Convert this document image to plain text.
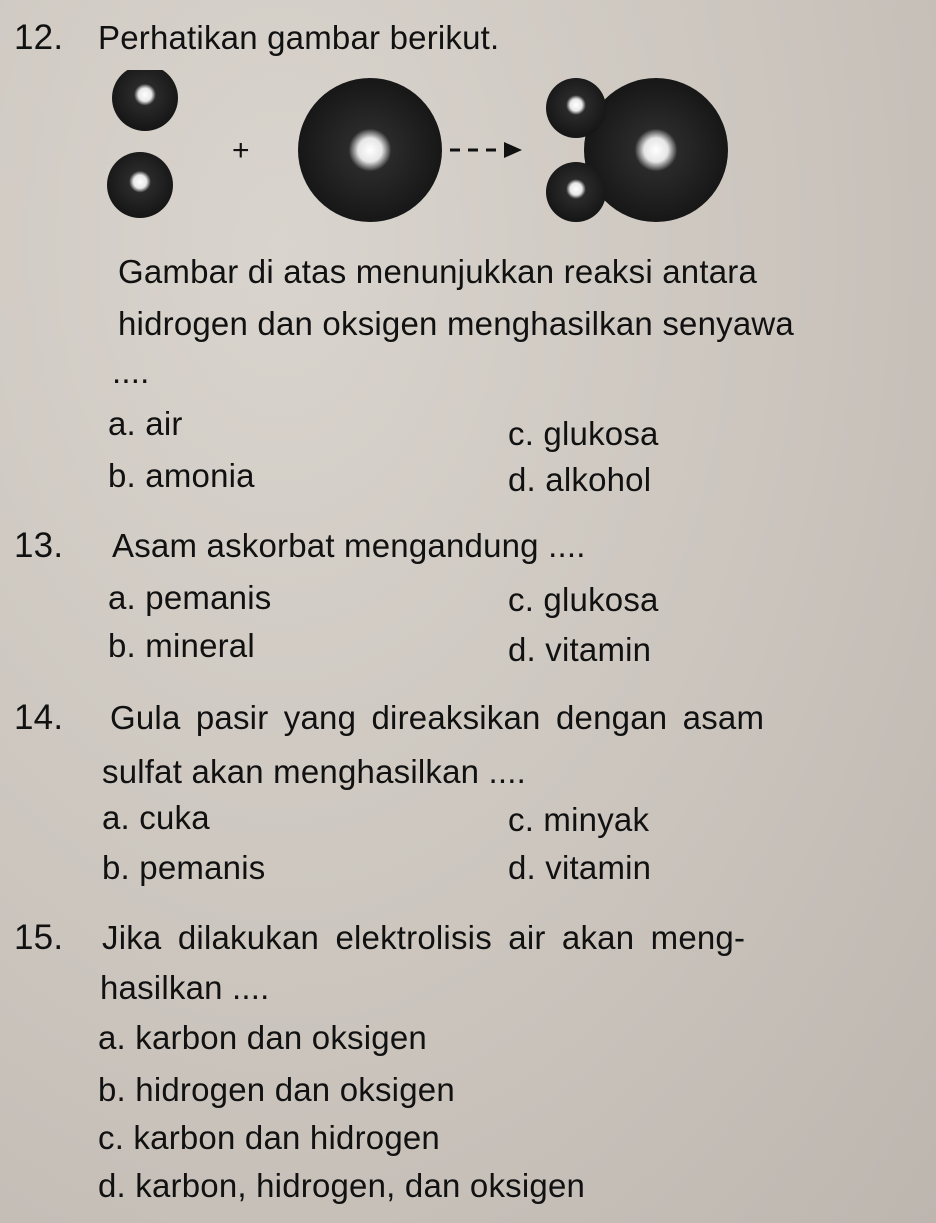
12. Perhatikan gambar berikut.
+
Gambar di atas menunjukkan reaksi antara
hidrogen dan oksigen menghasilkan senyawa
....
a. air	c. glukosa
b. amonia	d. alkohol
13. Asam askorbat mengandung ....
a. pemanis	c. glukosa
b. mineral	d. vitamin
14. Gula pasir yang direaksikan dengan asam
sulfat akan menghasilkan ....
a. cuka	c. minyak
b. pemanis	d. vitamin
15. Jika dilakukan elektrolisis air akan meng-
hasilkan ....
a. karbon dan oksigen
b. hidrogen dan oksigen
c. karbon dan hidrogen
d. karbon, hidrogen, dan oksigen
